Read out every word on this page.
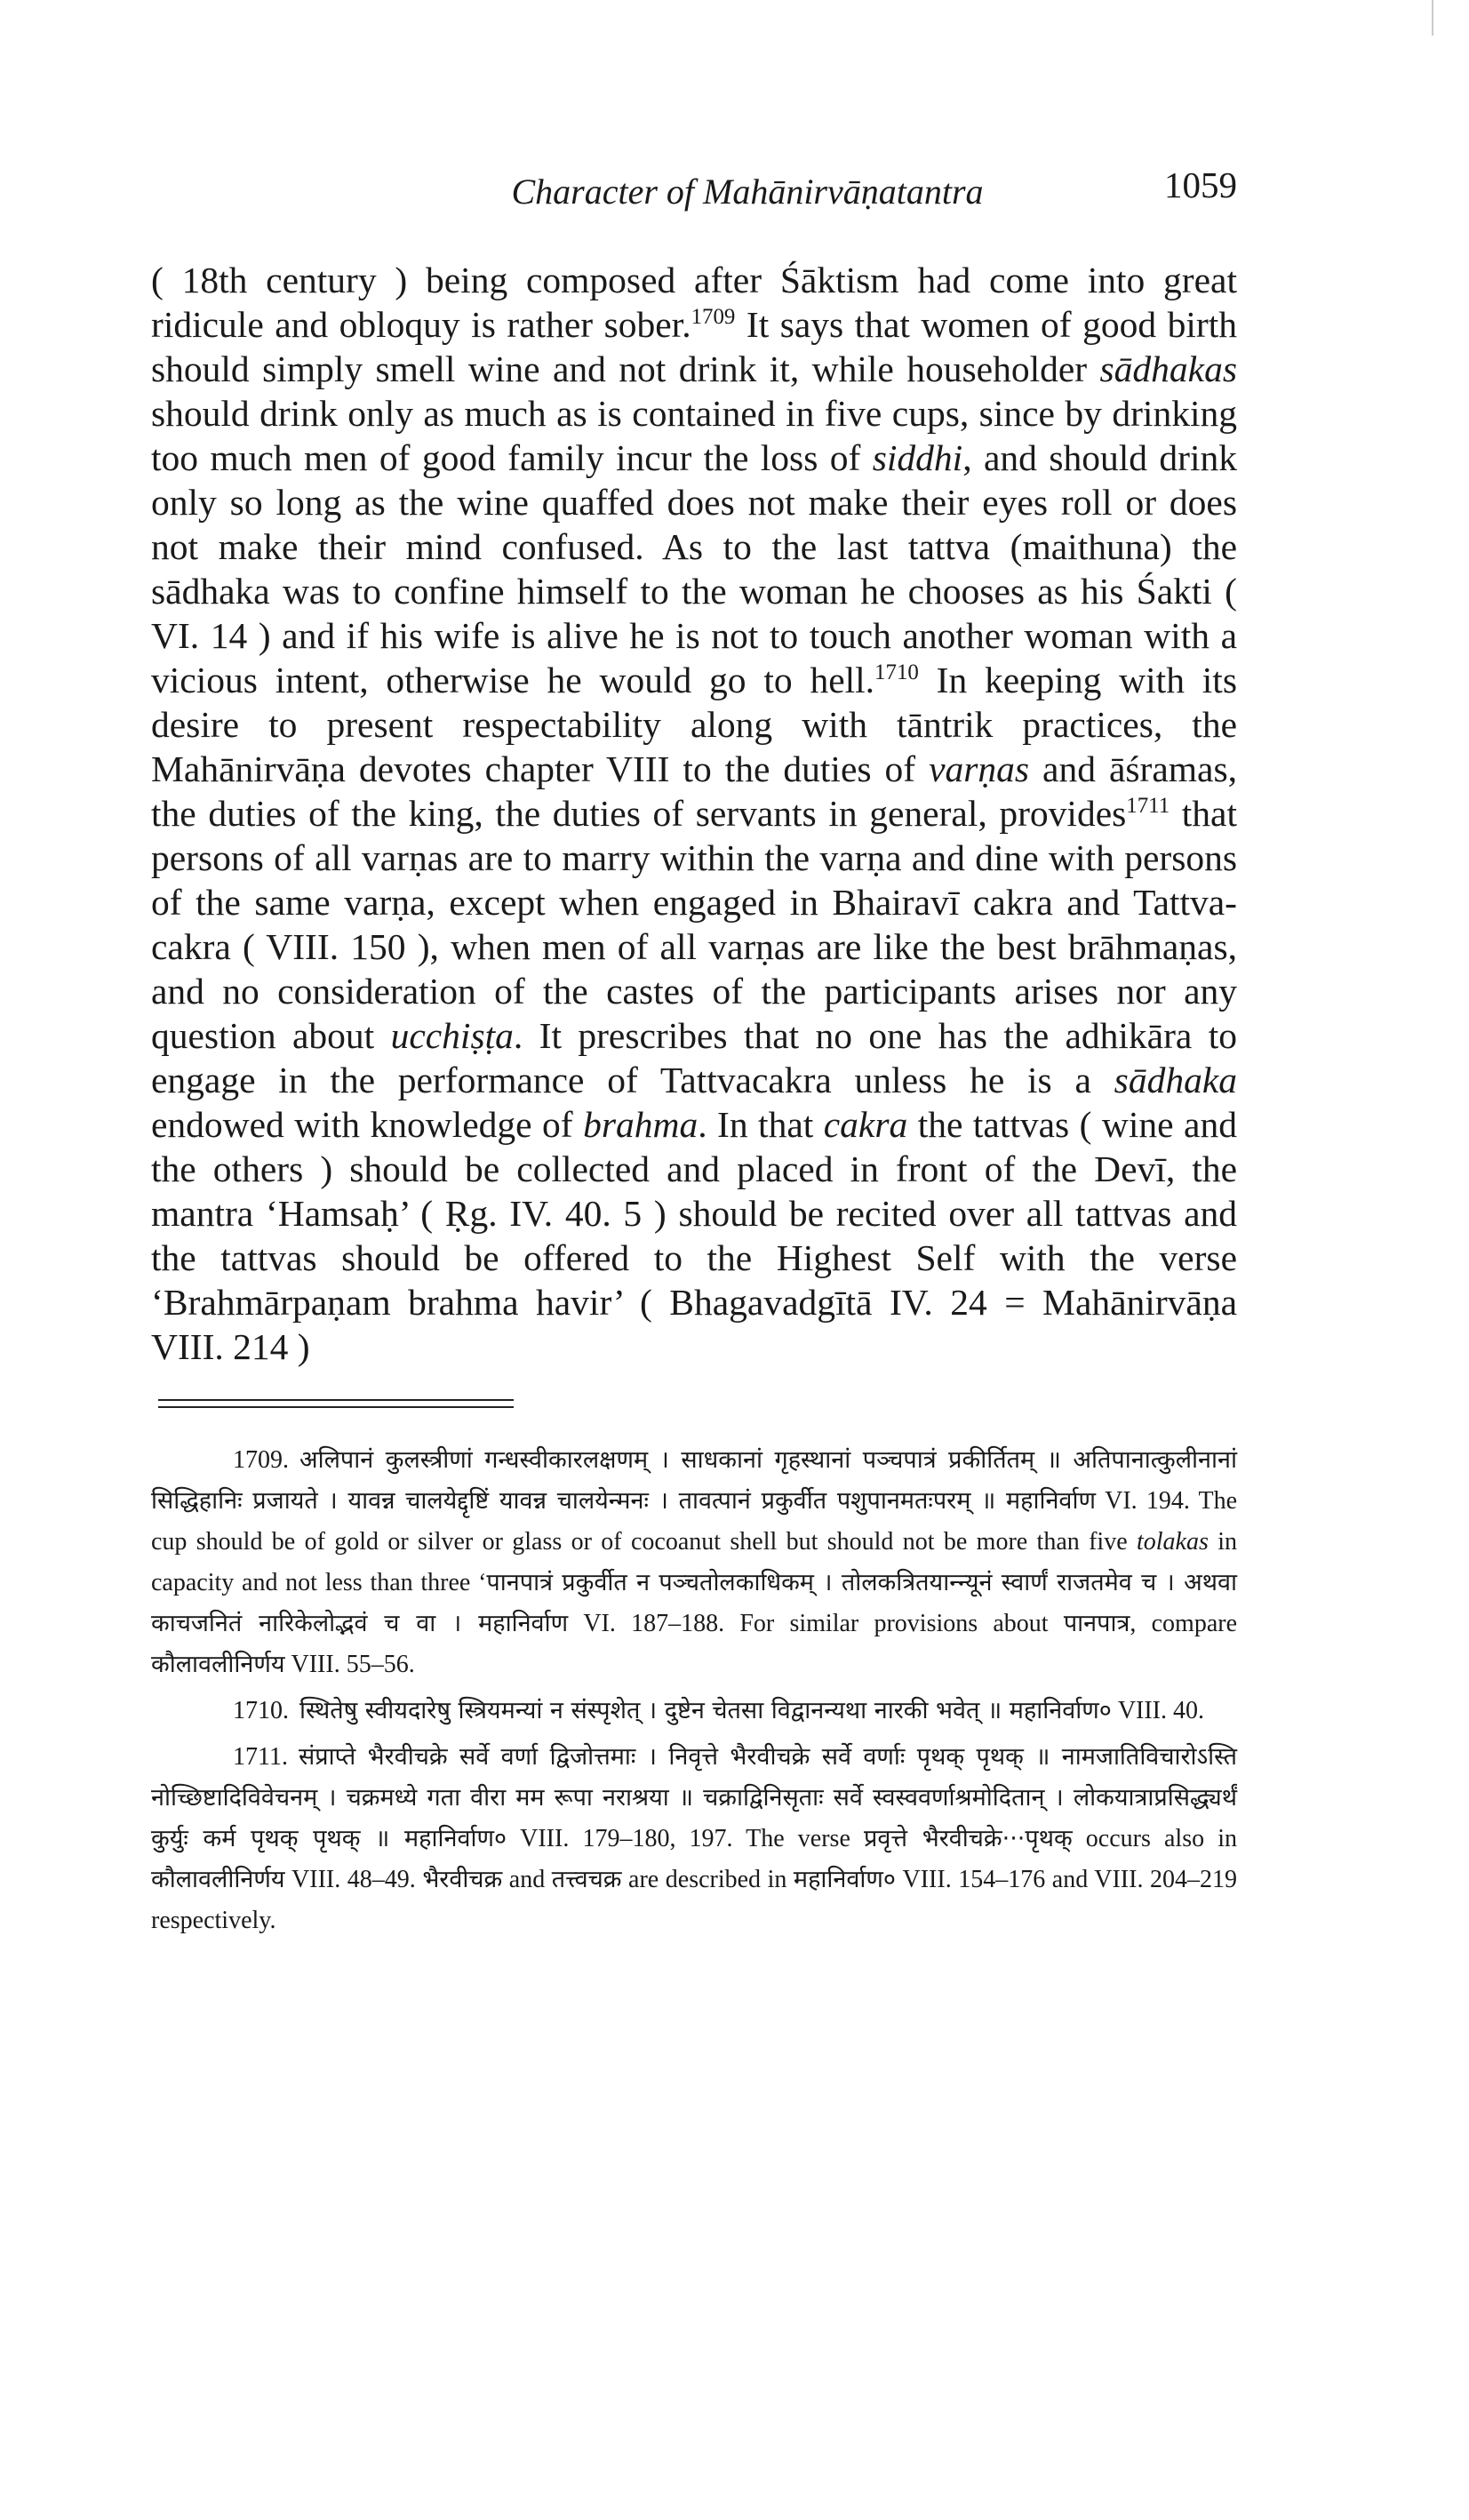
Character of Mahānirvāṇatantra	1059
( 18th century ) being composed after Śāktism had come into great ridicule and obloquy is rather sober.$^{1709}$ It says that women of good birth should simply smell wine and not drink it, while householder sādhakas should drink only as much as is contained in five cups, since by drinking too much men of good family incur the loss of siddhi, and should drink only so long as the wine quaffed does not make their eyes roll or does not make their mind confused. As to the last tattva (maithuna) the sādhaka was to confine himself to the woman he chooses as his Śakti ( VI. 14 ) and if his wife is alive he is not to touch another woman with a vicious intent, otherwise he would go to hell.$^{1710}$ In keeping with its desire to present respectability along with tāntrik practices, the Mahānirvāṇa devotes chapter VIII to the duties of varṇas and āśramas, the duties of the king, the duties of servants in general, provides$^{1711}$ that persons of all varṇas are to marry within the varṇa and dine with persons of the same varṇa, except when engaged in Bhairavī cakra and Tattva-cakra ( VIII. 150 ), when men of all varṇas are like the best brāhmaṇas, and no consideration of the castes of the participants arises nor any question about ucchiṣṭa. It prescribes that no one has the adhikāra to engage in the performance of Tattvacakra unless he is a sādhaka endowed with knowledge of brahma. In that cakra the tattvas ( wine and the others ) should be collected and placed in front of the Devī, the mantra ‘Hamsaḥ’ ( Ṛg. IV. 40. 5 ) should be recited over all tattvas and the tattvas should be offered to the Highest Self with the verse ‘Brahmārpaṇam brahma havir’ ( Bhagavadgītā IV. 24 = Mahānirvāṇa VIII. 214 )

1709. अलिपानं कुलस्त्रीणां गन्धस्वीकारलक्षणम् । साधकानां गृहस्थानां पञ्चपात्रं प्रकीर्तितम् ॥ अतिपानात्कुलीनानां सिद्धिहानिः प्रजायते । यावन्न चालयेद्दृष्टिं यावन्न चालयेन्मनः । तावत्पानं प्रकुर्वीत पशुपानमतःपरम् ॥ महानिर्वाण VI. 194. The cup should be of gold or silver or glass or of cocoanut shell but should not be more than five tolakas in capacity and not less than three ‘पानपात्रं प्रकुर्वीत न पञ्चतोलकाधिकम् । तोलकत्रितयान्न्यूनं स्वार्णं राजतमेव च । अथवा काचजनितं नारिकेलोद्भवं च वा । महानिर्वाण VI. 187–188. For similar provisions about पानपात्र, compare कौलावलीनिर्णय VIII. 55–56.

1710. स्थितेषु स्वीयदारेषु स्त्रियमन्यां न संस्पृशेत् । दुष्टेन चेतसा विद्वानन्यथा नारकी भवेत् ॥ महानिर्वाण० VIII. 40.

1711. संप्राप्ते भैरवीचक्रे सर्वे वर्णा द्विजोत्तमाः । निवृत्ते भैरवीचक्रे सर्वे वर्णाः पृथक् पृथक् ॥ नामजातिविचारोऽस्ति नोच्छिष्टादिविवेचनम् । चक्रमध्ये गता वीरा मम रूपा नराश्रया ॥ चक्राद्विनिसृताः सर्वे स्वस्ववर्णाश्रमोदितान् । लोकयात्राप्रसिद्ध्यर्थं कुर्युः कर्म पृथक् पृथक् ॥ महानिर्वाण० VIII. 179–180, 197. The verse प्रवृत्ते भैरवीचक्रे···पृथक् occurs also in कौलावलीनिर्णय VIII. 48–49. भैरवीचक्र and तत्त्वचक्र are described in महानिर्वाण० VIII. 154–176 and VIII. 204–219 respectively.
